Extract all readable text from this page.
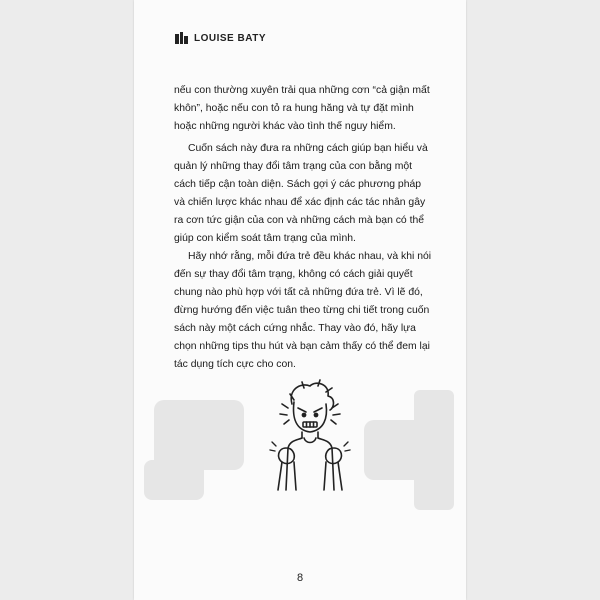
LOUISE BATY

nếu con thường xuyên trải qua những cơn “cả giận mất khôn”, hoặc nếu con tỏ ra hung hăng và tự đặt mình hoặc những người khác vào tình thế nguy hiểm.

Cuốn sách này đưa ra những cách giúp bạn hiểu và quản lý những thay đổi tâm trạng của con bằng một cách tiếp cận toàn diện. Sách gợi ý các phương pháp và chiến lược khác nhau để xác định các tác nhân gây ra cơn tức giận của con và những cách mà bạn có thể giúp con kiểm soát tâm trạng của mình.

Hãy nhớ rằng, mỗi đứa trẻ đều khác nhau, và khi nói đến sự thay đổi tâm trạng, không có cách giải quyết chung nào phù hợp với tất cả những đứa trẻ. Vì lẽ đó, đừng hướng đến việc tuân theo từng chi tiết trong cuốn sách này một cách cứng nhắc. Thay vào đó, hãy lựa chọn những tips thu hút và bạn cảm thấy có thể đem lại tác dụng tích cực cho con.

8
